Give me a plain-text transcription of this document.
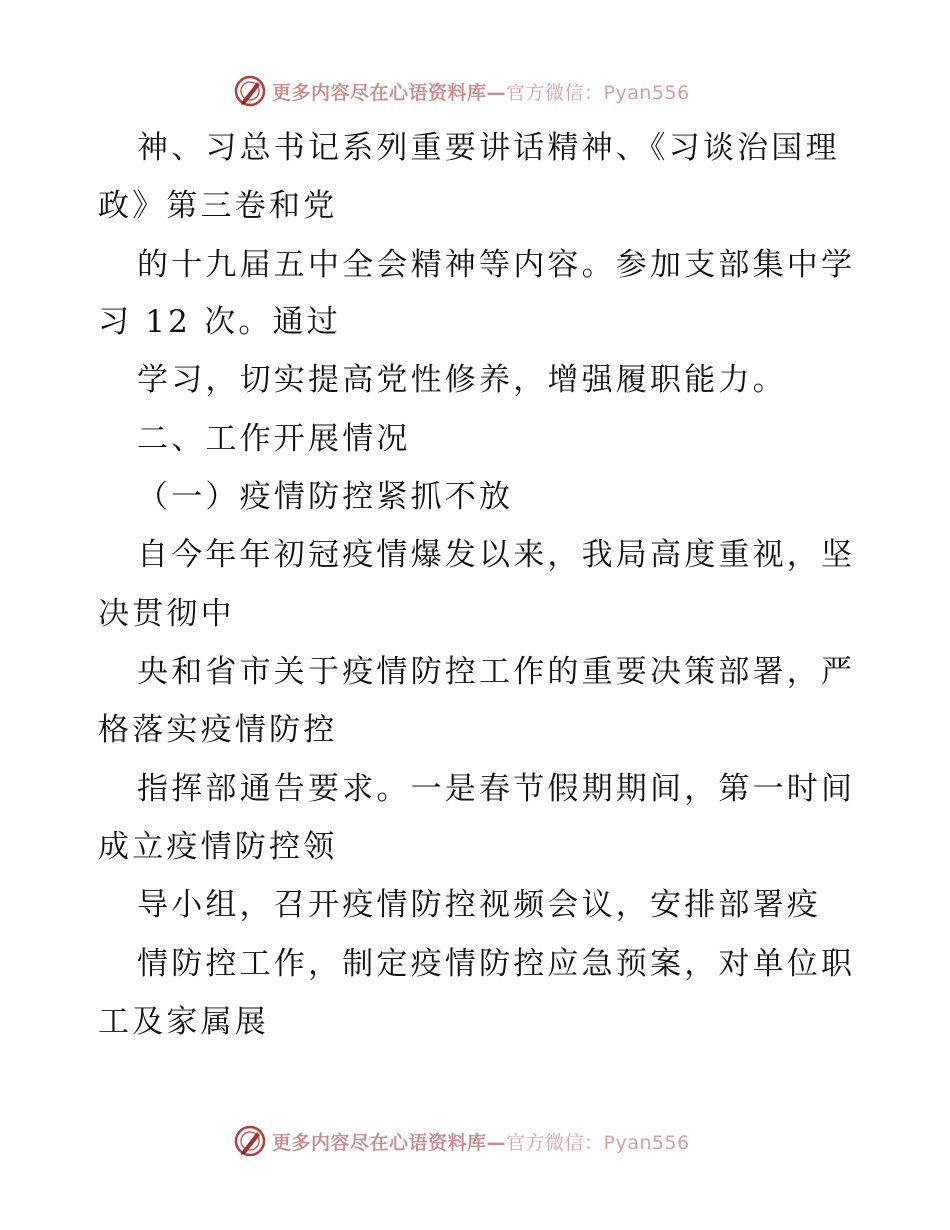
更多内容尽在心语资料库—官方微信：Pyan556
神、习总书记系列重要讲话精神、《习谈治国理
政》第三卷和党
的十九届五中全会精神等内容。参加支部集中学
习 12 次。通过
学习，切实提高党性修养，增强履职能力。
二、工作开展情况
（一）疫情防控紧抓不放
自今年年初冠疫情爆发以来，我局高度重视，坚
决贯彻中
央和省市关于疫情防控工作的重要决策部署，严
格落实疫情防控
指挥部通告要求。一是春节假期期间，第一时间
成立疫情防控领
导小组，召开疫情防控视频会议，安排部署疫
情防控工作，制定疫情防控应急预案，对单位职
工及家属展
更多内容尽在心语资料库—官方微信：Pyan556
